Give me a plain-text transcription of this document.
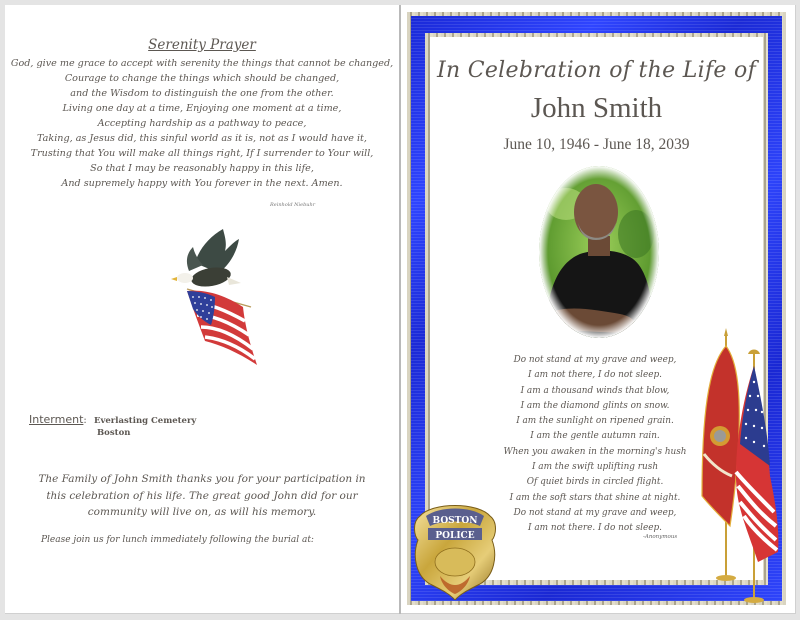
Serenity Prayer
God, give me grace to accept with serenity the things that cannot be changed,
Courage to change the things which should be changed,
and the Wisdom to distinguish the one from the other.
Living one day at a time, Enjoying one moment at a time,
Accepting hardship as a pathway to peace,
Taking, as Jesus did, this sinful world as it is, not as I would have it,
Trusting that You will make all things right, If I surrender to Your will,
So that I may be reasonably happy in this life,
And supremely happy with You forever in the next. Amen.
Reinhold Niebuhr
Interment: Everlasting Cemetery
Boston
The Family of John Smith thanks you for your participation in
this celebration of his life. The great good John did for our
community will live on, as will his memory.
Please join us for lunch immediately following the burial at:
In Celebration of the Life of
John Smith
June 10, 1946 - June 18, 2039
Do not stand at my grave and weep,
I am not there, I do not sleep.
I am a thousand winds that blow,
I am the diamond glints on snow.
I am the sunlight on ripened grain.
I am the gentle autumn rain.
When you awaken in the morning's hush
I am the swift uplifting rush
Of quiet birds in circled flight.
I am the soft stars that shine at night.
Do not stand at my grave and weep,
I am not there. I do not sleep.
-Anonymous
BOSTON
POLICE
